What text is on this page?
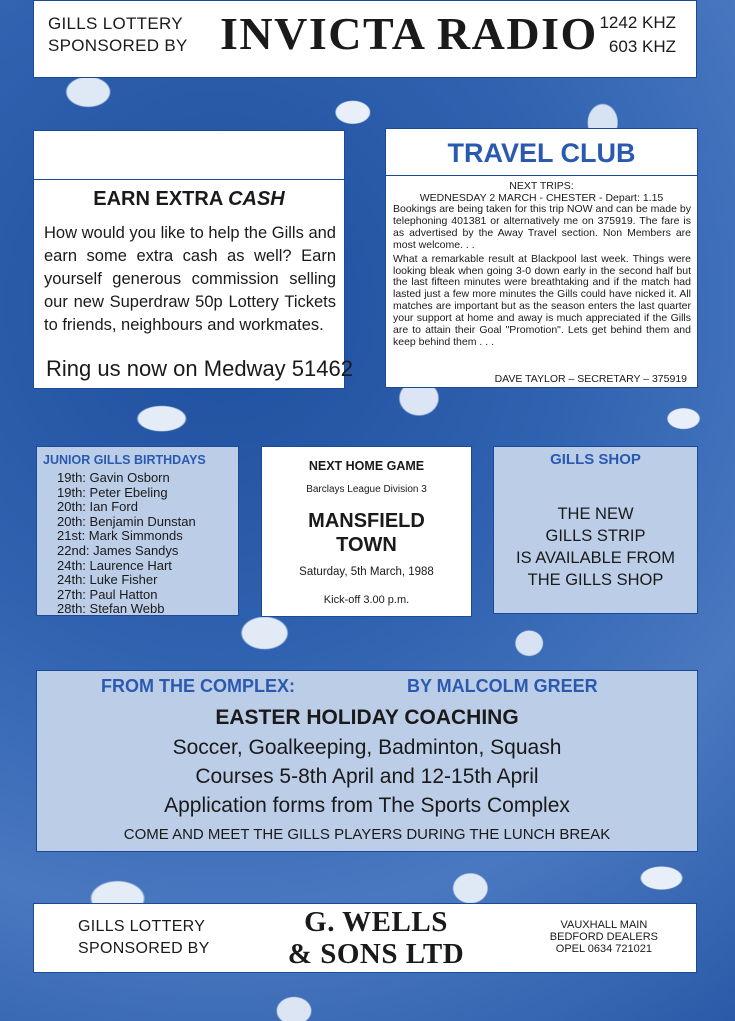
GILLS LOTTERY
SPONSORED BY INVICTA RADIO 1242 KHZ
603 KHZ
EARN EXTRA CASH
How would you like to help the Gills and earn some extra cash as well? Earn yourself generous commission selling our new Superdraw 50p Lottery Tickets to friends, neighbours and workmates.
Ring us now on Medway 51462
TRAVEL CLUB
NEXT TRIPS:
WEDNESDAY 2 MARCH - CHESTER - Depart: 1.15

Bookings are being taken for this trip NOW and can be made by telephoning 401381 or alternatively me on 375919. The fare is as advertised by the Away Travel section. Non Members are most welcome. . .

What a remarkable result at Blackpool last week. Things were looking bleak when going 3-0 down early in the second half but the last fifteen minutes were breathtaking and if the match had lasted just a few more minutes the Gills could have nicked it. All matches are important but as the season enters the last quarter your support at home and away is much appreciated if the Gills are to attain their Goal "Promotion". Lets get behind them and keep behind them . . .

DAVE TAYLOR – SECRETARY – 375919
JUNIOR GILLS BIRTHDAYS
19th: Gavin Osborn
19th: Peter Ebeling
20th: Ian Ford
20th: Benjamin Dunstan
21st: Mark Simmonds
22nd: James Sandys
24th: Laurence Hart
24th: Luke Fisher
27th: Paul Hatton
28th: Stefan Webb
NEXT HOME GAME
Barclays League Division 3
MANSFIELD
TOWN
Saturday, 5th March, 1988
Kick-off 3.00 p.m.
GILLS SHOP
THE NEW
GILLS STRIP
IS AVAILABLE FROM
THE GILLS SHOP
FROM THE COMPLEX:	BY MALCOLM GREER
EASTER HOLIDAY COACHING
Soccer, Goalkeeping, Badminton, Squash
Courses 5-8th April and 12-15th April
Application forms from The Sports Complex
COME AND MEET THE GILLS PLAYERS DURING THE LUNCH BREAK
GILLS LOTTERY
SPONSORED BY
G. WELLS
& SONS LTD
VAUXHALL MAIN
BEDFORD DEALERS
OPEL 0634 721021
